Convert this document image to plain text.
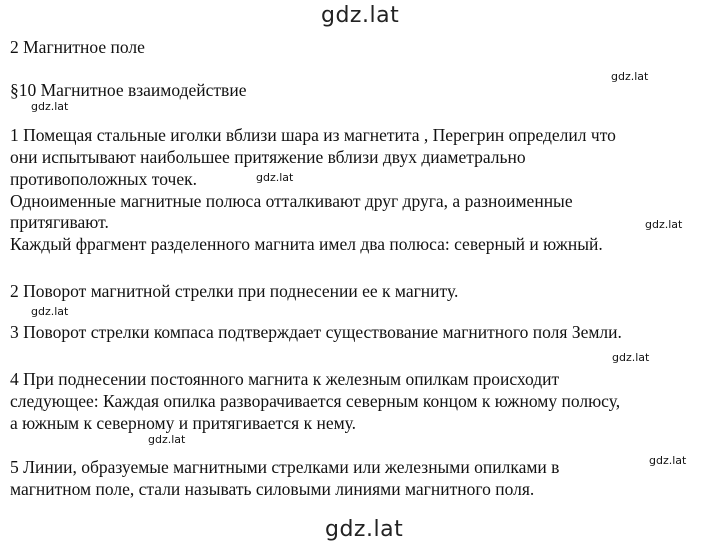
gdz.lat
gdz.lat
gdz.lat
gdz.lat
gdz.lat
gdz.lat
gdz.lat
gdz.lat
gdz.lat
gdz.lat
2 Магнитное поле
§10 Магнитное взаимодействие
1 Помещая стальные иголки вблизи шара из магнетита , Перегрин определил что
они испытывают наибольшее притяжение вблизи двух диаметрально
противоположных точек.
Одноименные магнитные полюса отталкивают друг друга, а разноименные
притягивают.
Каждый фрагмент разделенного магнита имел два полюса: северный и южный.
2 Поворот магнитной стрелки при поднесении ее к магниту.
3 Поворот стрелки компаса подтверждает существование магнитного поля Земли.
4 При поднесении постоянного магнита к железным опилкам происходит
следующее: Каждая опилка разворачивается северным концом к южному полюсу,
а южным к северному и притягивается к нему.
5 Линии, образуемые магнитными стрелками или железными опилками в
магнитном поле, стали называть силовыми линиями магнитного поля.
